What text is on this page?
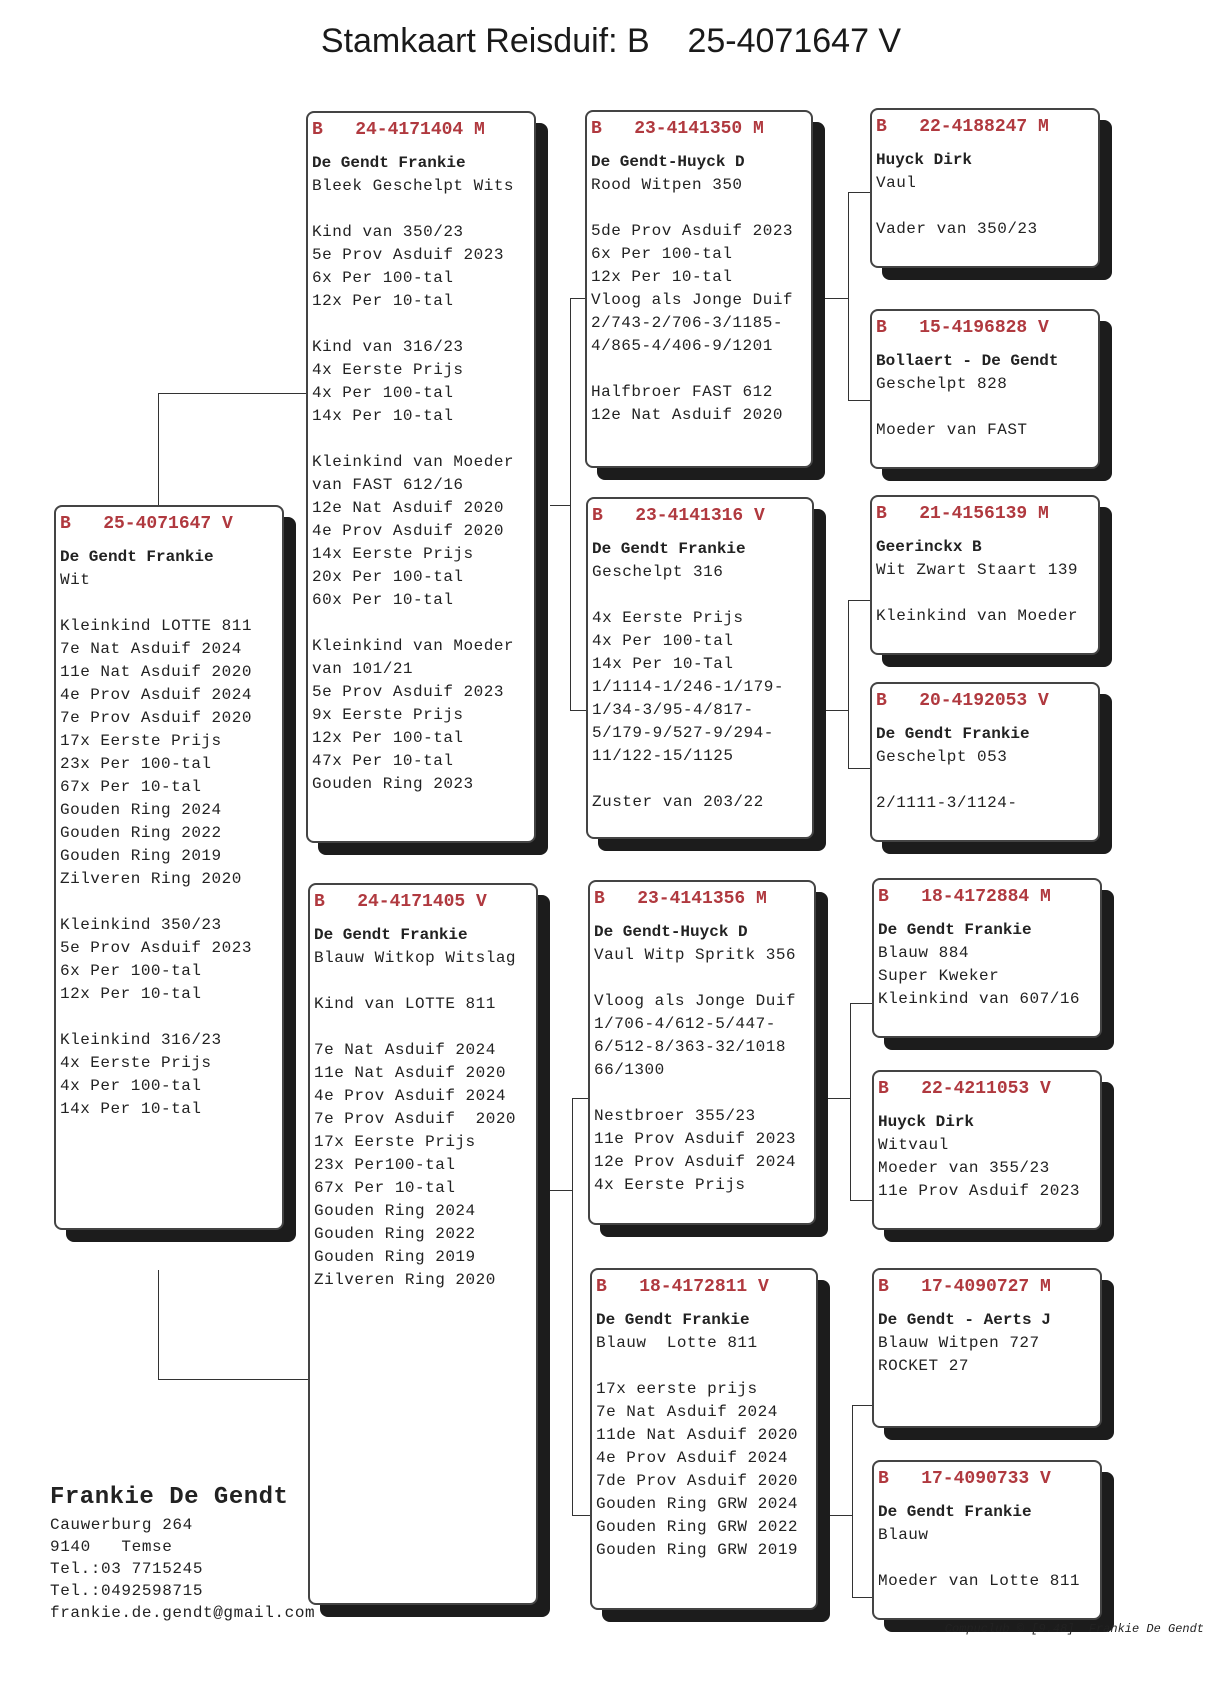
Stamkaart Reisduif: B    25-4071647 V
B   25-4071647 V
De Gendt Frankie
Wit
Kleinkind LOTTE 811
7e Nat Asduif 2024
11e Nat Asduif 2020
4e Prov Asduif 2024
7e Prov Asduif 2020
17x Eerste Prijs
23x Per 100-tal
67x Per 10-tal
Gouden Ring 2024
Gouden Ring 2022
Gouden Ring 2019
Zilveren Ring 2020
Kleinkind 350/23
5e Prov Asduif 2023
6x Per 100-tal
12x Per 10-tal
Kleinkind 316/23
4x Eerste Prijs
4x Per 100-tal
14x Per 10-tal
B   24-4171404 M
De Gendt Frankie
Bleek Geschelpt Wits
Kind van 350/23
5e Prov Asduif 2023
6x Per 100-tal
12x Per 10-tal
Kind van 316/23
4x Eerste Prijs
4x Per 100-tal
14x Per 10-tal
Kleinkind van Moeder
van FAST 612/16
12e Nat Asduif 2020
4e Prov Asduif 2020
14x Eerste Prijs
20x Per 100-tal
60x Per 10-tal
Kleinkind van Moeder
van 101/21
5e Prov Asduif 2023
9x Eerste Prijs
12x Per 100-tal
47x Per 10-tal
Gouden Ring 2023
B   24-4171405 V
De Gendt Frankie
Blauw Witkop Witslag
Kind van LOTTE 811
7e Nat Asduif 2024
11e Nat Asduif 2020
4e Prov Asduif 2024
7e Prov Asduif  2020
17x Eerste Prijs
23x Per100-tal
67x Per 10-tal
Gouden Ring 2024
Gouden Ring 2022
Gouden Ring 2019
Zilveren Ring 2020
B   23-4141350 M
De Gendt-Huyck D
Rood Witpen 350
5de Prov Asduif 2023
6x Per 100-tal
12x Per 10-tal
Vloog als Jonge Duif
2/743-2/706-3/1185-
4/865-4/406-9/1201
Halfbroer FAST 612
12e Nat Asduif 2020
B   23-4141316 V
De Gendt Frankie
Geschelpt 316
4x Eerste Prijs
4x Per 100-tal
14x Per 10-Tal
1/1114-1/246-1/179-
1/34-3/95-4/817-
5/179-9/527-9/294-
11/122-15/1125
Zuster van 203/22
B   23-4141356 M
De Gendt-Huyck D
Vaul Witp Spritk 356
Vloog als Jonge Duif
1/706-4/612-5/447-
6/512-8/363-32/1018
66/1300
Nestbroer 355/23
11e Prov Asduif 2023
12e Prov Asduif 2024
4x Eerste Prijs
B   18-4172811 V
De Gendt Frankie
Blauw  Lotte 811
17x eerste prijs
7e Nat Asduif 2024
11de Nat Asduif 2020
4e Prov Asduif 2024
7de Prov Asduif 2020
Gouden Ring GRW 2024
Gouden Ring GRW 2022
Gouden Ring GRW 2019
B   22-4188247 M
Huyck Dirk
Vaul
Vader van 350/23
B   15-4196828 V
Bollaert - De Gendt
Geschelpt 828
Moeder van FAST
B   21-4156139 M
Geerinckx B
Wit Zwart Staart 139
Kleinkind van Moeder
B   20-4192053 V
De Gendt Frankie
Geschelpt 053
2/1111-3/1124-
B   18-4172884 M
De Gendt Frankie
Blauw 884
Super Kweker
Kleinkind van 607/16
B   22-4211053 V
Huyck Dirk
Witvaul
Moeder van 355/23
11e Prov Asduif 2023
B   17-4090727 M
De Gendt - Aerts J
Blauw Witpen 727
ROCKET 27
B   17-4090733 V
De Gendt Frankie
Blauw
Moeder van Lotte 811
Frankie De Gendt
Cauwerburg 264
9140   Temse
Tel.:03 7715245
Tel.:0492598715
frankie.de.gendt@gmail.com
Compuclub © [9.48]  Frankie De Gendt
